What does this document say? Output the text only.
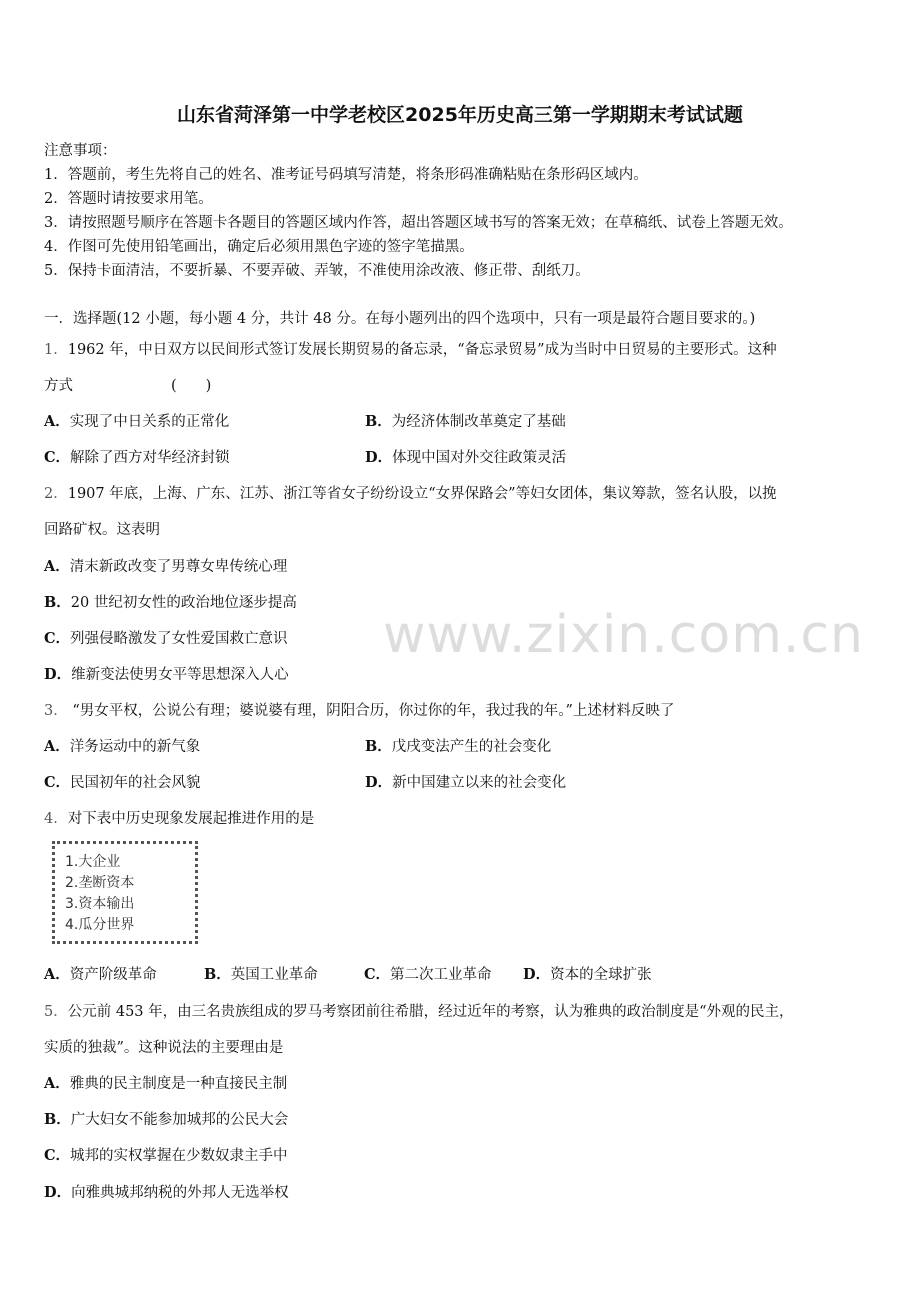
山东省菏泽第一中学老校区2025年历史高三第一学期期末考试试题
注意事项：
1．答题前，考生先将自己的姓名、准考证号码填写清楚，将条形码准确粘贴在条形码区域内。
2．答题时请按要求用笔。
3．请按照题号顺序在答题卡各题目的答题区域内作答，超出答题区域书写的答案无效；在草稿纸、试卷上答题无效。
4．作图可先使用铅笔画出，确定后必须用黑色字迹的签字笔描黑。
5．保持卡面清洁，不要折暴、不要弄破、弄皱，不准使用涂改液、修正带、刮纸刀。
一．选择题(12 小题，每小题 4 分，共计 48 分。在每小题列出的四个选项中，只有一项是最符合题目要求的。)
www.zixin.com.cn
1．1962 年，中日双方以民间形式签订发展长期贸易的备忘录，“备忘录贸易”成为当时中日贸易的主要形式。这种
方式	(　　)
A．实现了中日关系的正常化	B．为经济体制改革奠定了基础
C．解除了西方对华经济封锁	D．体现中国对外交往政策灵活
2．1907 年底，上海、广东、江苏、浙江等省女子纷纷设立“女界保路会”等妇女团体，集议筹款，签名认股，以挽
回路矿权。这表明
A．清末新政改变了男尊女卑传统心理
B．20 世纪初女性的政治地位逐步提高
C．列强侵略激发了女性爱国救亡意识
D．维新变法使男女平等思想深入人心
3． “男女平权，公说公有理；婆说婆有理，阴阳合历，你过你的年，我过我的年。”上述材料反映了
A．洋务运动中的新气象	B．戊戌变法产生的社会变化
C．民国初年的社会风貌	D．新中国建立以来的社会变化
4．对下表中历史现象发展起推进作用的是
1.大企业
2.垄断资本
3.资本输出
4.瓜分世界
A．资产阶级革命	B．英国工业革命	C．第二次工业革命 D．资本的全球扩张
5．公元前 453 年，由三名贵族组成的罗马考察团前往希腊，经过近年的考察，认为雅典的政治制度是“外观的民主，
实质的独裁”。这种说法的主要理由是
A．雅典的民主制度是一种直接民主制
B．广大妇女不能参加城邦的公民大会
C．城邦的实权掌握在少数奴隶主手中
D．向雅典城邦纳税的外邦人无选举权
